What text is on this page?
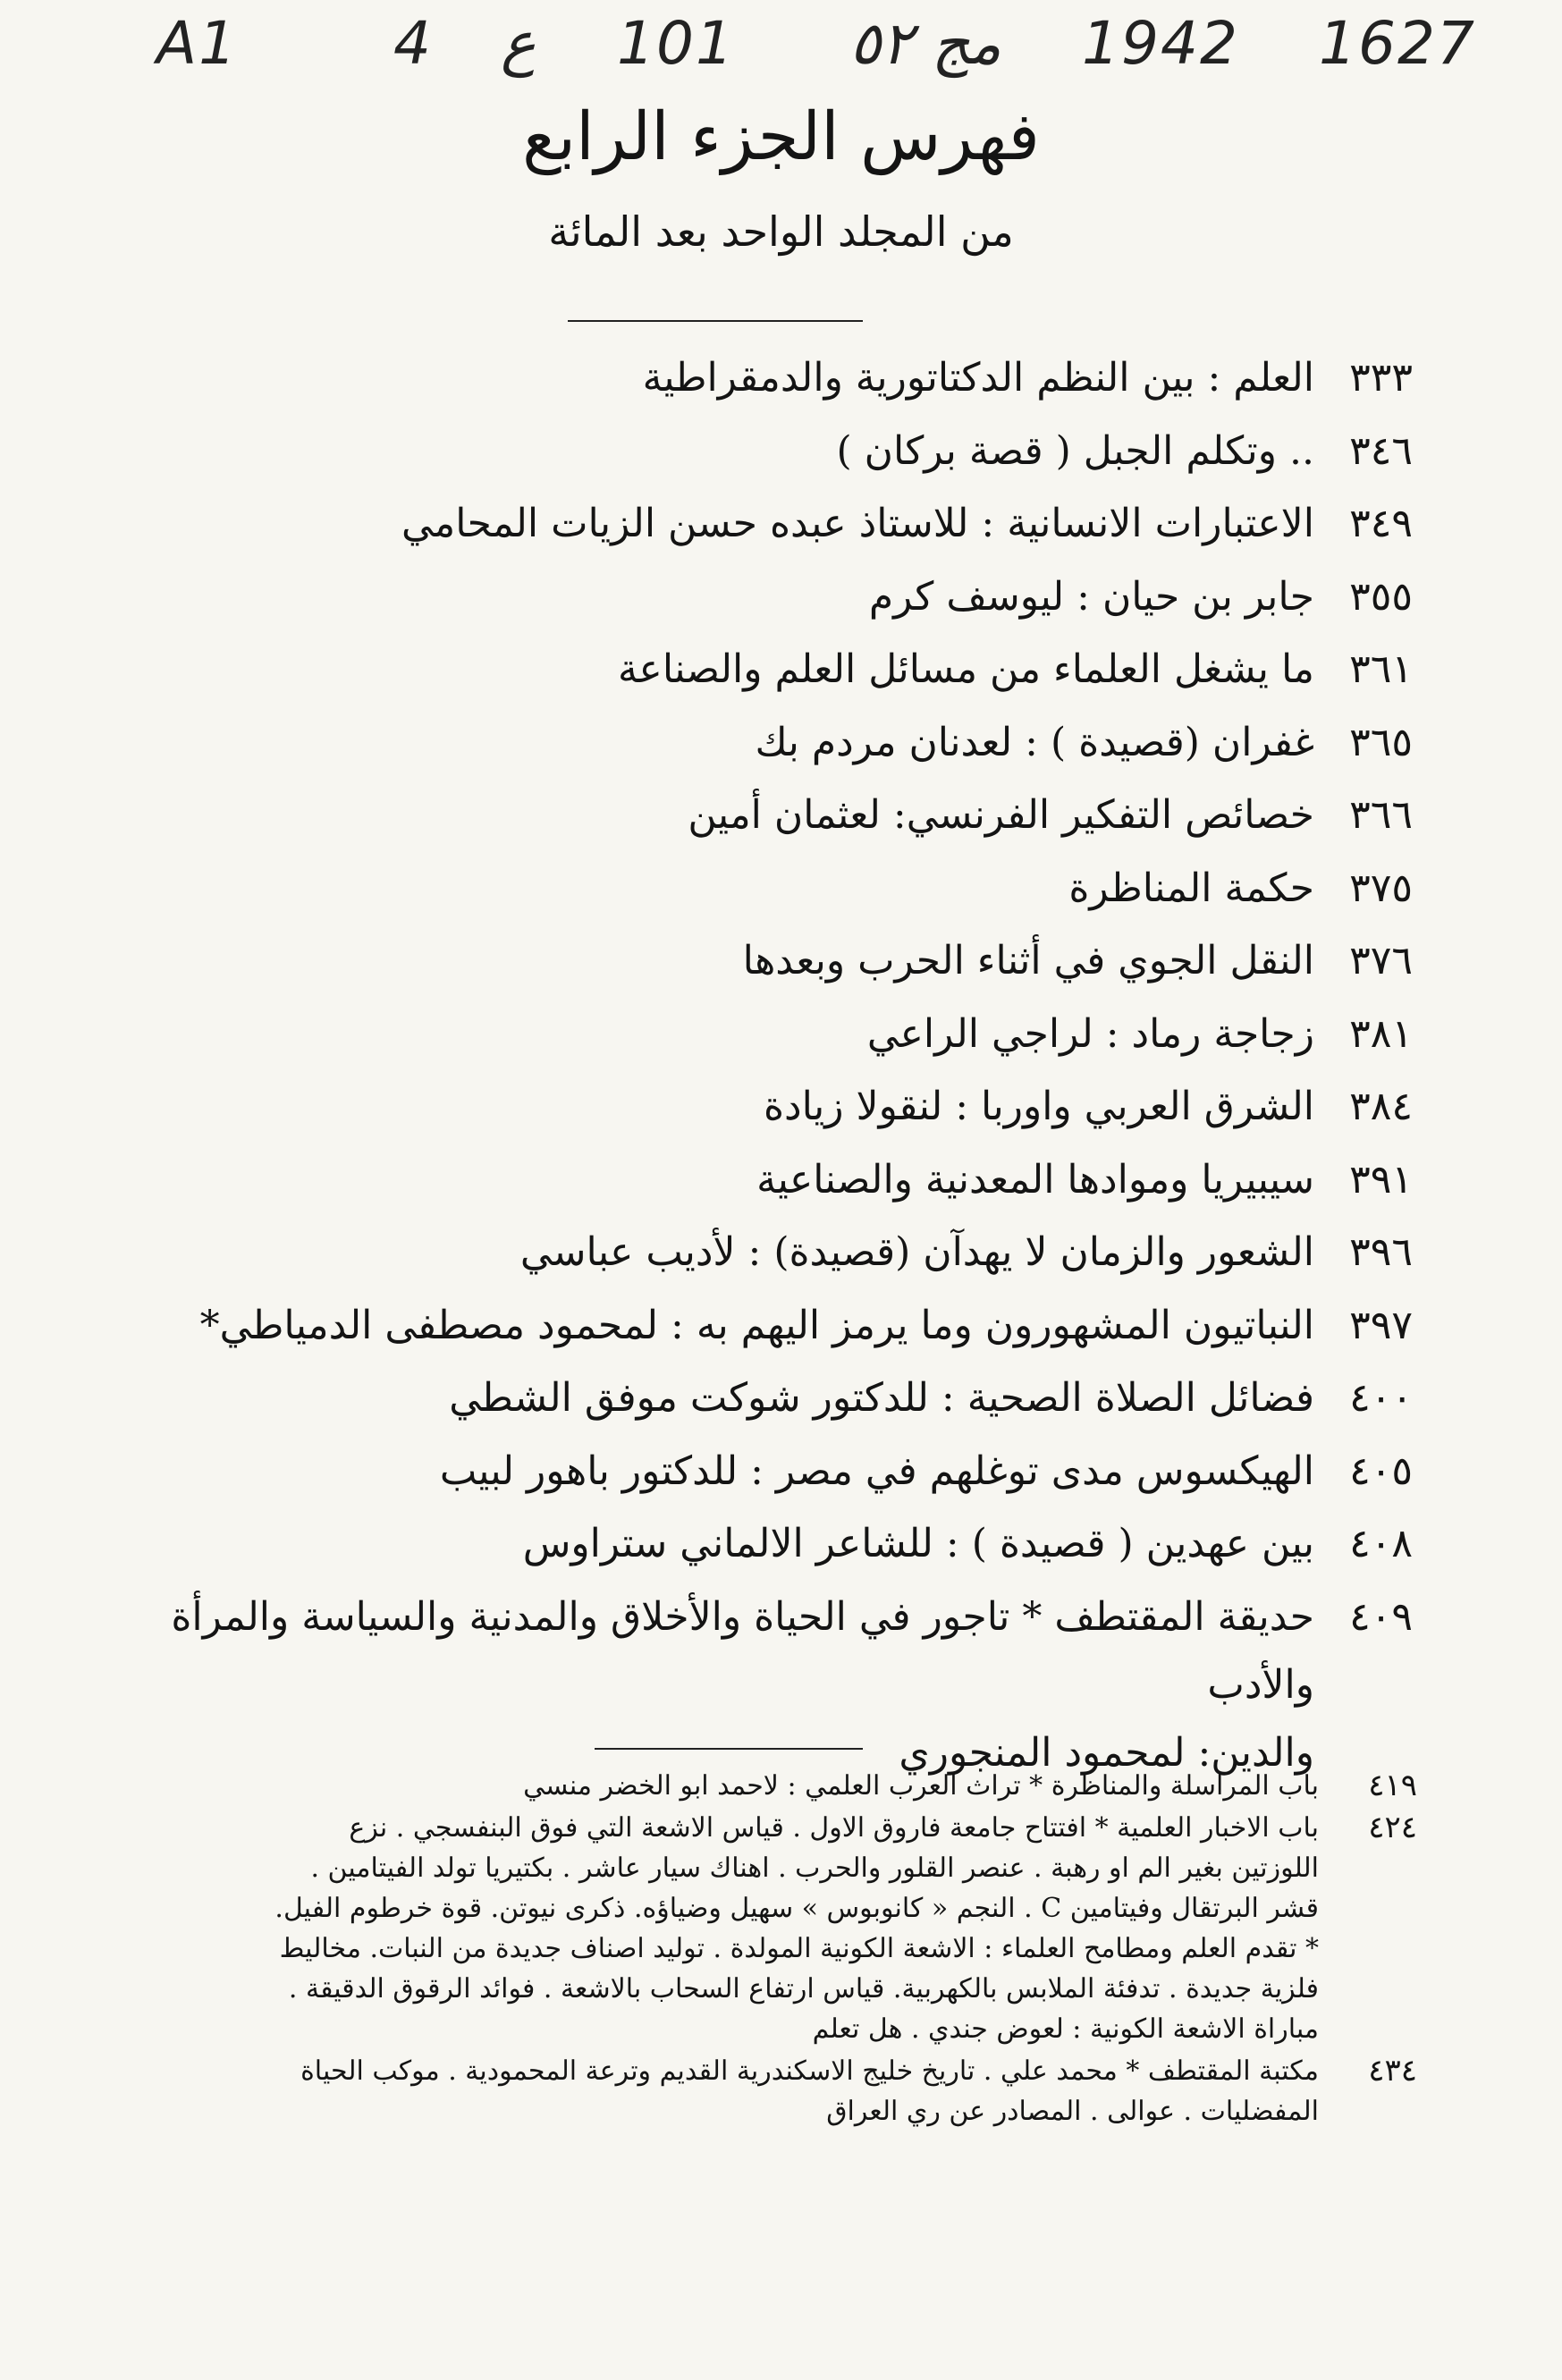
A1	4 ع 101 مج ٥٢ 1942 1627
فهرس الجزء الرابع
من المجلد الواحد بعد المائة
٣٣٣
العلم : بين النظم الدكتاتورية والدمقراطية
٣٤٦
.. وتكلم الجبل ( قصة بركان )
٣٤٩
الاعتبارات الانسانية : للاستاذ عبده حسن الزيات المحامي
٣٥٥
جابر بن حيان : ليوسف كرم
٣٦١
ما يشغل العلماء من مسائل العلم والصناعة
٣٦٥
غفران (قصيدة ) : لعدنان مردم بك
٣٦٦
خصائص التفكير الفرنسي: لعثمان أمين
٣٧٥
حكمة المناظرة
٣٧٦
النقل الجوي في أثناء الحرب وبعدها
٣٨١
زجاجة رماد : لراجي الراعي
٣٨٤
الشرق العربي واوربا : لنقولا زيادة
٣٩١
سيبيريا وموادها المعدنية والصناعية
٣٩٦
الشعور والزمان لا يهدآن (قصيدة) : لأديب عباسي
٣٩٧
النباتيون المشهورون وما يرمز اليهم به : لمحمود مصطفى الدمياطي*
٤٠٠
فضائل الصلاة الصحية : للدكتور شوكت موفق الشطي
٤٠٥
الهيكسوس مدى توغلهم في مصر : للدكتور باهور لبيب
٤٠٨
بين عهدين ( قصيدة ) : للشاعر الالماني ستراوس
٤٠٩
حديقة المقتطف * تاجور في الحياة والأخلاق والمدنية والسياسة والمرأة والأدب
والدين: لمحمود المنجوري
٤١٩
باب المراسلة والمناظرة * تراث العرب العلمي : لاحمد ابو الخضر منسي
٤٢٤
باب الاخبار العلمية * افتتاح جامعة فاروق الاول . قياس الاشعة التي فوق البنفسجي . نزع
اللوزتين بغير الم او رهبة . عنصر القلور والحرب . اهناك سيار عاشر . بكتيريا تولد الفيتامين .
قشر البرتقال وفيتامين C . النجم « كانوبوس » سهيل وضياؤه. ذكرى نيوتن. قوة خرطوم الفيل.
* تقدم العلم ومطامح العلماء : الاشعة الكونية المولدة . توليد اصناف جديدة من النبات. مخاليط
فلزية جديدة . تدفئة الملابس بالكهربية. قياس ارتفاع السحاب بالاشعة . فوائد الرقوق الدقيقة .
مباراة الاشعة الكونية : لعوض جندي . هل تعلم
٤٣٤
مكتبة المقتطف * محمد علي . تاريخ خليج الاسكندرية القديم وترعة المحمودية . موكب الحياة
المفضليات . عوالى . المصادر عن ري العراق
